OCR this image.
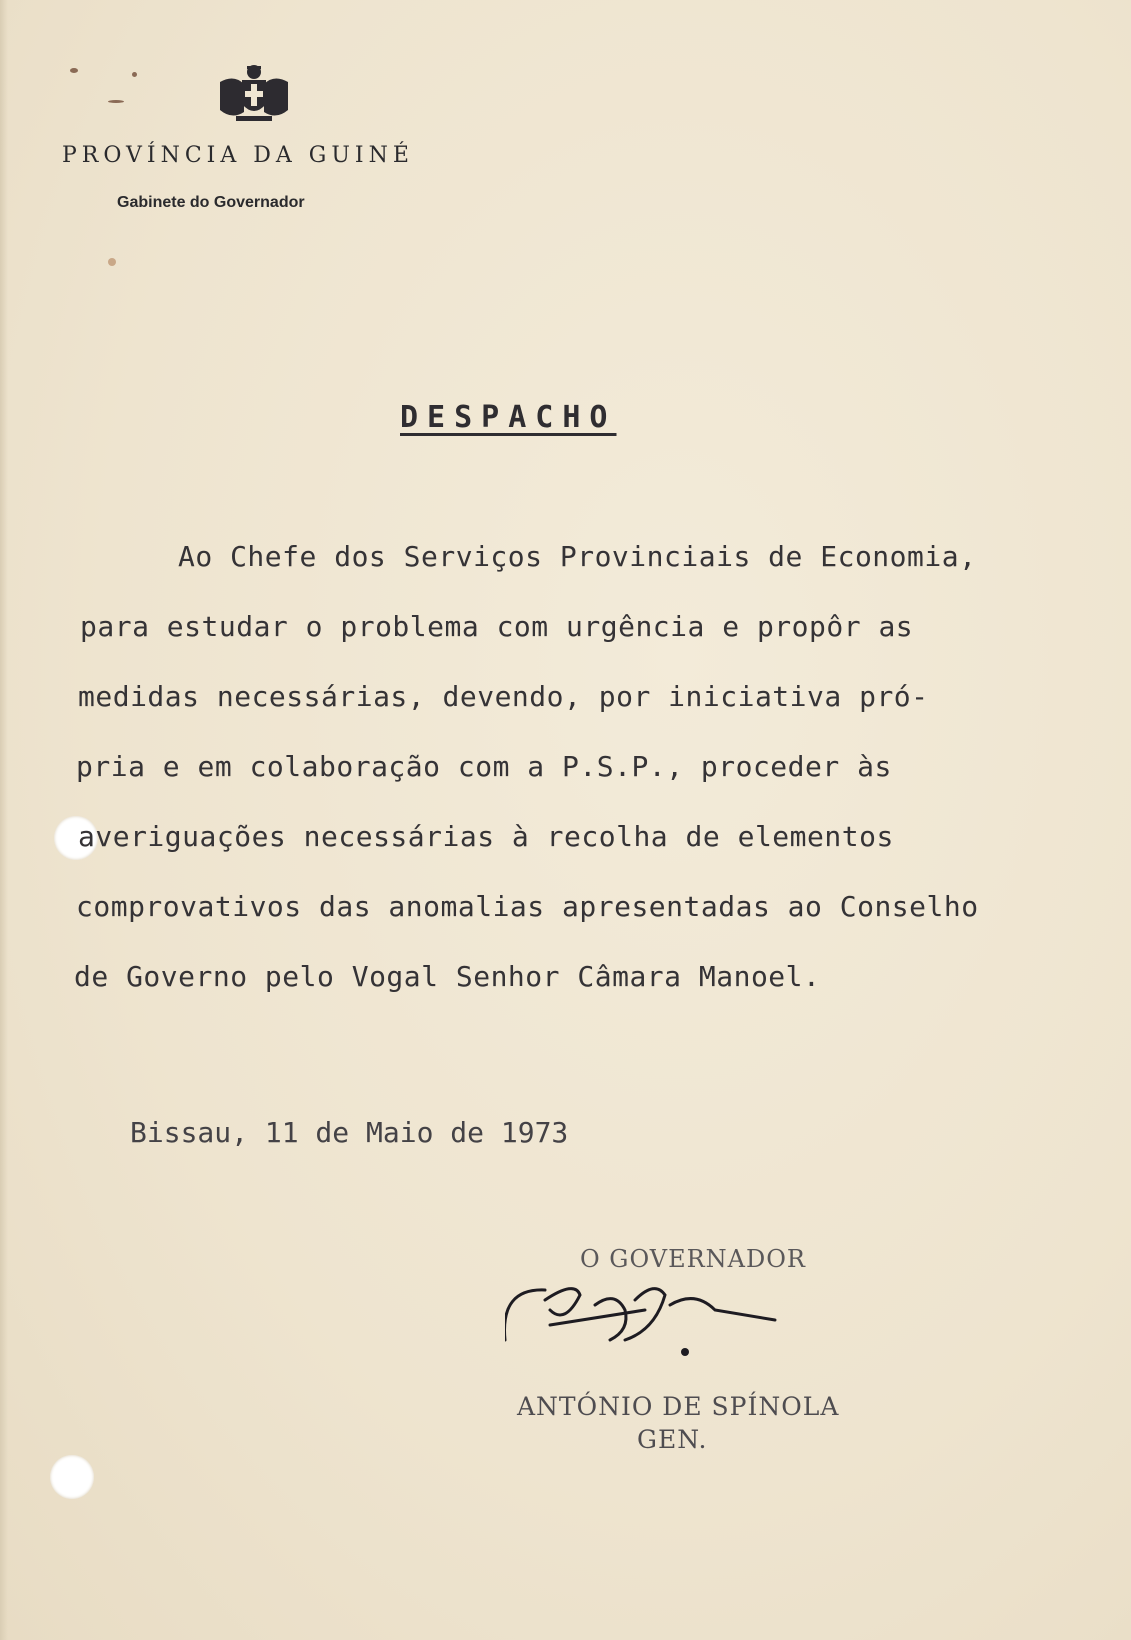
PROVÍNCIA DA GUINÉ

Gabinete do Governador

DESPACHO

Ao Chefe dos Serviços Provinciais de Economia,

para estudar o problema com urgência e propôr as

medidas necessárias, devendo, por iniciativa pró-

pria e em colaboração com a P.S.P., proceder às

averiguações necessárias à recolha de elementos

comprovativos das anomalias apresentadas ao Conselho

de Governo pelo Vogal Senhor Câmara Manoel.

Bissau, 11 de Maio de 1973

O GOVERNADOR

ANTÓNIO DE SPÍNOLA

GEN.
